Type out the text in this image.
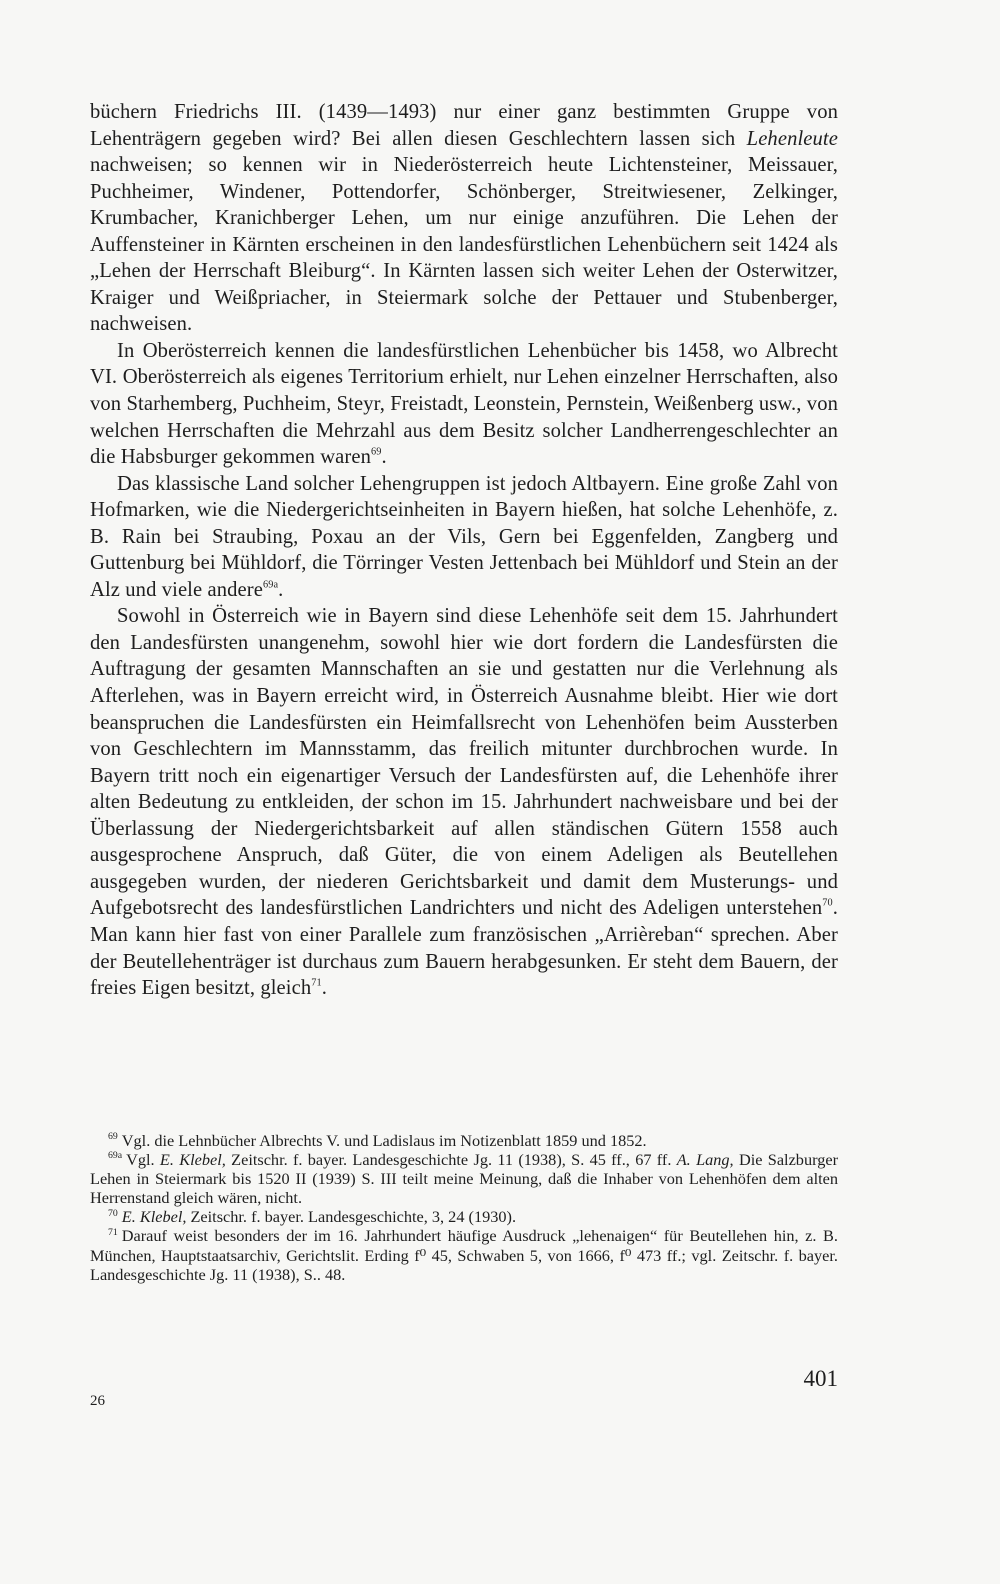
büchern Friedrichs III. (1439—1493) nur einer ganz bestimmten Gruppe von Lehenträgern gegeben wird? Bei allen diesen Geschlechtern lassen sich Lehenleute nachweisen; so kennen wir in Niederösterreich heute Lichtensteiner, Meissauer, Puchheimer, Windener, Pottendorfer, Schönberger, Streitwiesener, Zelkinger, Krumbacher, Kranichberger Lehen, um nur einige anzuführen. Die Lehen der Auffensteiner in Kärnten erscheinen in den landesfürstlichen Lehenbüchern seit 1424 als „Lehen der Herrschaft Bleiburg“. In Kärnten lassen sich weiter Lehen der Osterwitzer, Kraiger und Weißpriacher, in Steiermark solche der Pettauer und Stubenberger, nachweisen.

In Oberösterreich kennen die landesfürstlichen Lehenbücher bis 1458, wo Albrecht VI. Oberösterreich als eigenes Territorium erhielt, nur Lehen einzelner Herrschaften, also von Starhemberg, Puchheim, Steyr, Freistadt, Leonstein, Pernstein, Weißenberg usw., von welchen Herrschaften die Mehrzahl aus dem Besitz solcher Landherrengeschlechter an die Habsburger gekommen waren$^{69}$.

Das klassische Land solcher Lehengruppen ist jedoch Altbayern. Eine große Zahl von Hofmarken, wie die Niedergerichtseinheiten in Bayern hießen, hat solche Lehenhöfe, z. B. Rain bei Straubing, Poxau an der Vils, Gern bei Eggenfelden, Zangberg und Guttenburg bei Mühldorf, die Törringer Vesten Jettenbach bei Mühldorf und Stein an der Alz und viele andere$^{69a}$.

Sowohl in Österreich wie in Bayern sind diese Lehenhöfe seit dem 15. Jahrhundert den Landesfürsten unangenehm, sowohl hier wie dort fordern die Landesfürsten die Auftragung der gesamten Mannschaften an sie und gestatten nur die Verlehnung als Afterlehen, was in Bayern erreicht wird, in Österreich Ausnahme bleibt. Hier wie dort beanspruchen die Landesfürsten ein Heimfallsrecht von Lehenhöfen beim Aussterben von Geschlechtern im Mannsstamm, das freilich mitunter durchbrochen wurde. In Bayern tritt noch ein eigenartiger Versuch der Landesfürsten auf, die Lehenhöfe ihrer alten Bedeutung zu entkleiden, der schon im 15. Jahrhundert nachweisbare und bei der Überlassung der Niedergerichtsbarkeit auf allen ständischen Gütern 1558 auch ausgesprochene Anspruch, daß Güter, die von einem Adeligen als Beutellehen ausgegeben wurden, der niederen Gerichtsbarkeit und damit dem Musterungs- und Aufgebotsrecht des landesfürstlichen Landrichters und nicht des Adeligen unterstehen$^{70}$. Man kann hier fast von einer Parallele zum französischen „Arrièreban“ sprechen. Aber der Beutellehenträger ist durchaus zum Bauern herabgesunken. Er steht dem Bauern, der freies Eigen besitzt, gleich$^{71}$.

$^{69}$ Vgl. die Lehnbücher Albrechts V. und Ladislaus im Notizenblatt 1859 und 1852.

$^{69a}$ Vgl. E. Klebel, Zeitschr. f. bayer. Landesgeschichte Jg. 11 (1938), S. 45 ff., 67 ff. A. Lang, Die Salzburger Lehen in Steiermark bis 1520 II (1939) S. III teilt meine Meinung, daß die Inhaber von Lehenhöfen dem alten Herrenstand gleich wären, nicht.

$^{70}$ E. Klebel, Zeitschr. f. bayer. Landesgeschichte, 3, 24 (1930).

$^{71}$ Darauf weist besonders der im 16. Jahrhundert häufige Ausdruck „lehenaigen“ für Beutellehen hin, z. B. München, Hauptstaatsarchiv, Gerichtslit. Erding f⁰ 45, Schwaben 5, von 1666, f⁰ 473 ff.; vgl. Zeitschr. f. bayer. Landesgeschichte Jg. 11 (1938), S.. 48.

401
26
